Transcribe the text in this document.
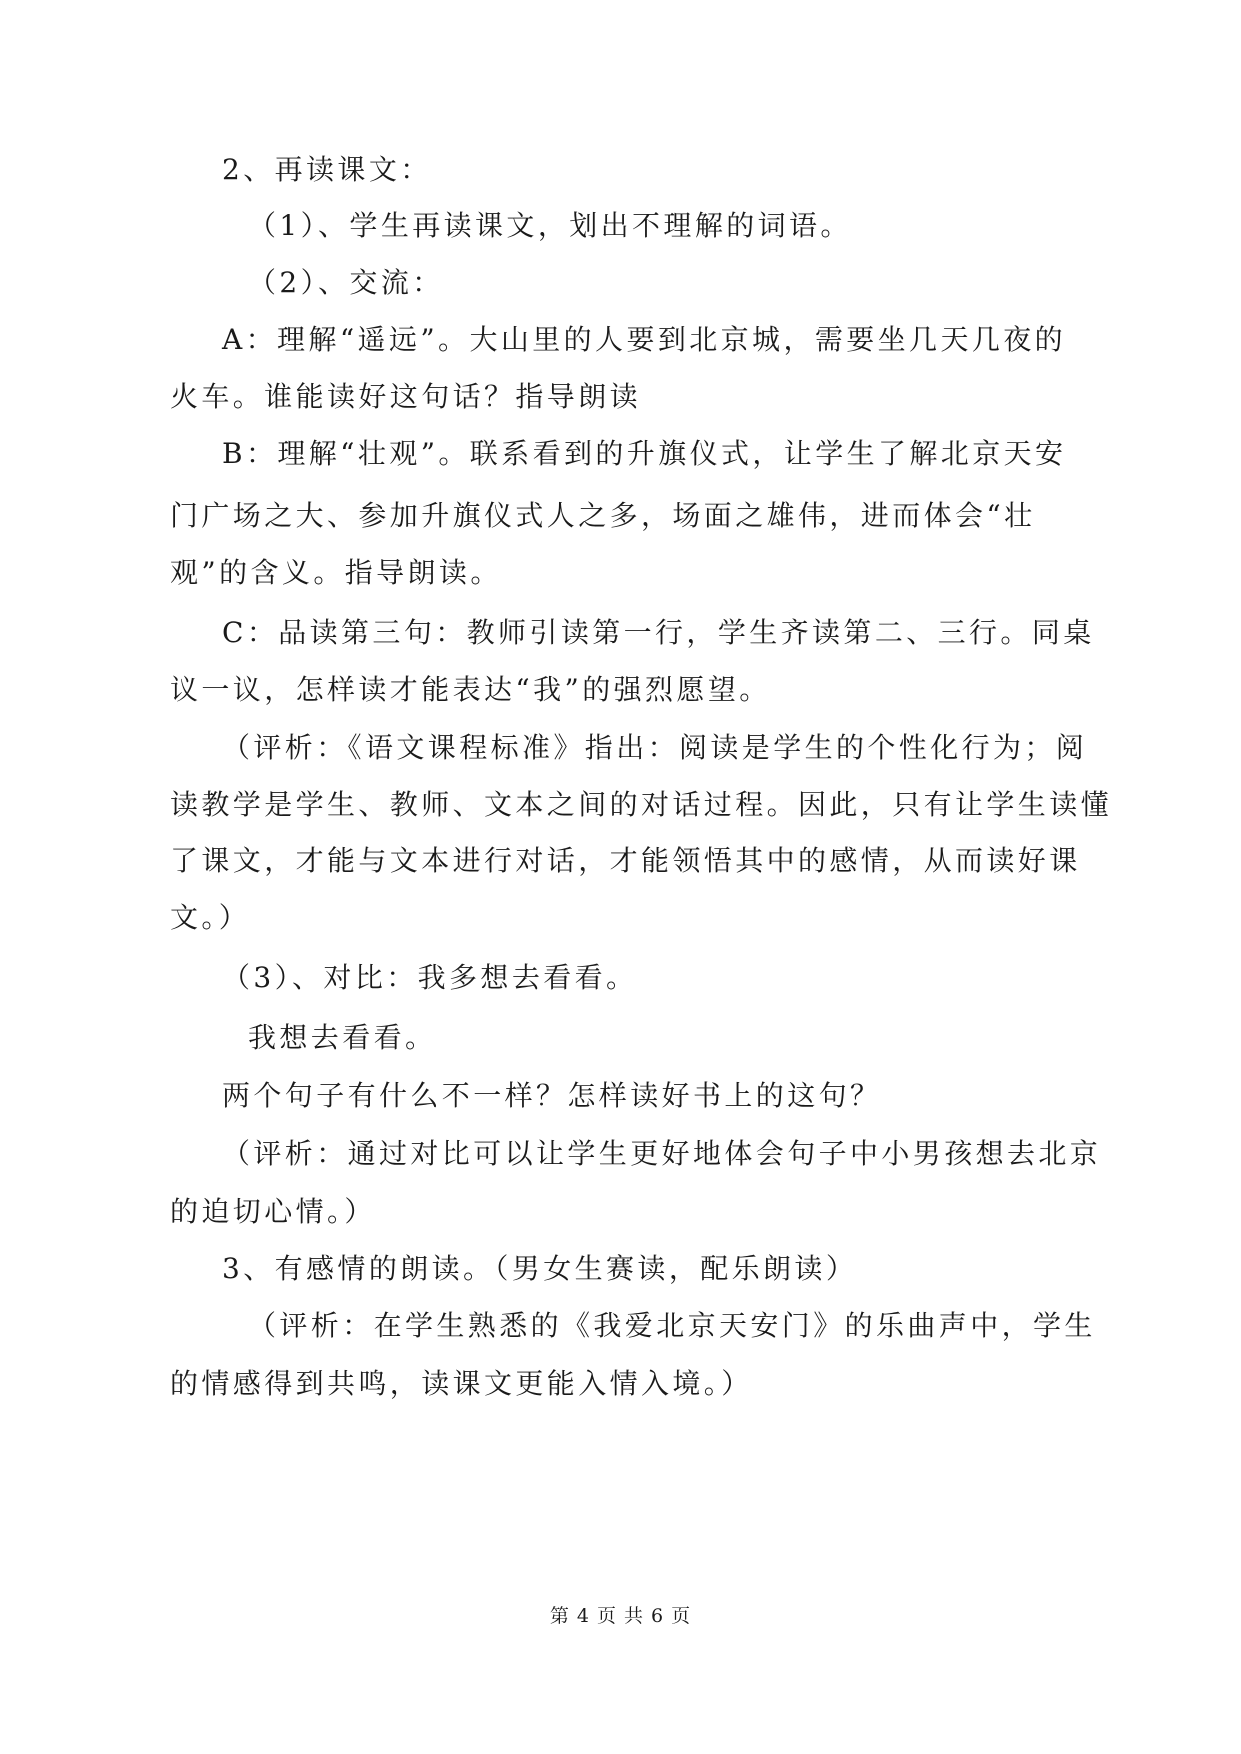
2、再读课文：

（1）、学生再读课文，划出不理解的词语。

（2）、交流：

A：理解“遥远”。大山里的人要到北京城，需要坐几天几夜的

火车。谁能读好这句话？指导朗读

B：理解“壮观”。联系看到的升旗仪式，让学生了解北京天安

门广场之大、参加升旗仪式人之多，场面之雄伟，进而体会“壮

观”的含义。指导朗读。

C：品读第三句：教师引读第一行，学生齐读第二、三行。同桌

议一议，怎样读才能表达“我”的强烈愿望。

（评析：《语文课程标准》指出：阅读是学生的个性化行为；阅

读教学是学生、教师、文本之间的对话过程。因此，只有让学生读懂

了课文，才能与文本进行对话，才能领悟其中的感情，从而读好课

文。）

（3）、对比：我多想去看看。

我想去看看。

两个句子有什么不一样？怎样读好书上的这句？

（评析：通过对比可以让学生更好地体会句子中小男孩想去北京

的迫切心情。）

3、有感情的朗读。（男女生赛读，配乐朗读）

（评析：在学生熟悉的《我爱北京天安门》的乐曲声中，学生

的情感得到共鸣，读课文更能入情入境。）

第 4 页 共 6 页
